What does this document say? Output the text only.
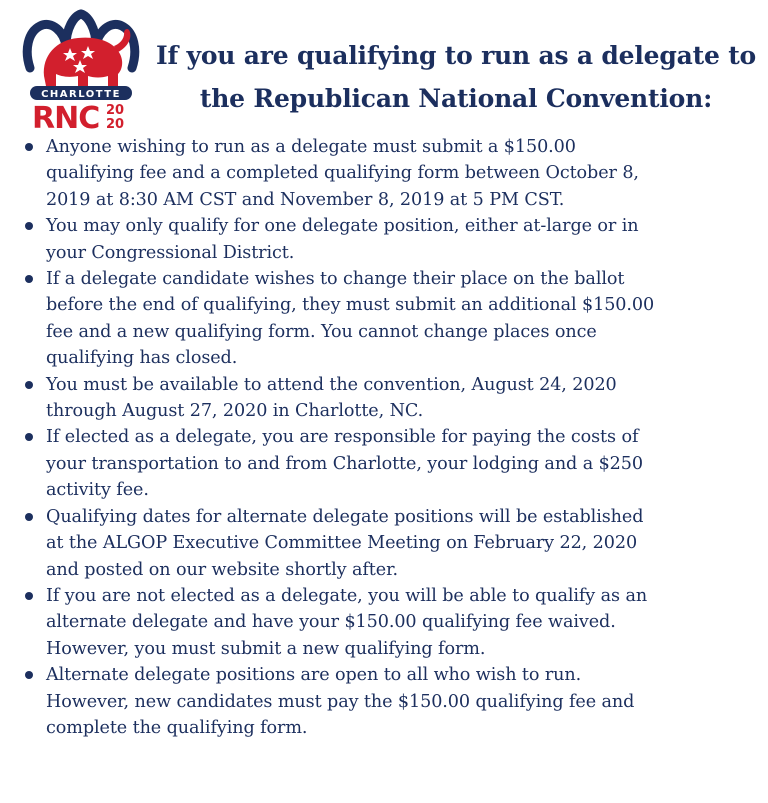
CHARLOTTE
RNC 20
20
If you are qualifying to run as a delegate to
the Republican National Convention:
Anyone wishing to run as a delegate must submit a $150.00
qualifying fee and a completed qualifying form between October 8,
2019 at 8:30 AM CST and November 8, 2019 at 5 PM CST.
You may only qualify for one delegate position, either at-large or in
your Congressional District.
If a delegate candidate wishes to change their place on the ballot
before the end of qualifying, they must submit an additional $150.00
fee and a new qualifying form. You cannot change places once
qualifying has closed.
You must be available to attend the convention, August 24, 2020
through August 27, 2020 in Charlotte, NC.
If elected as a delegate, you are responsible for paying the costs of
your transportation to and from Charlotte, your lodging and a $250
activity fee.
Qualifying dates for alternate delegate positions will be established
at the ALGOP Executive Committee Meeting on February 22, 2020
and posted on our website shortly after.
If you are not elected as a delegate, you will be able to qualify as an
alternate delegate and have your $150.00 qualifying fee waived.
However, you must submit a new qualifying form.
Alternate delegate positions are open to all who wish to run.
However, new candidates must pay the $150.00 qualifying fee and
complete the qualifying form.
